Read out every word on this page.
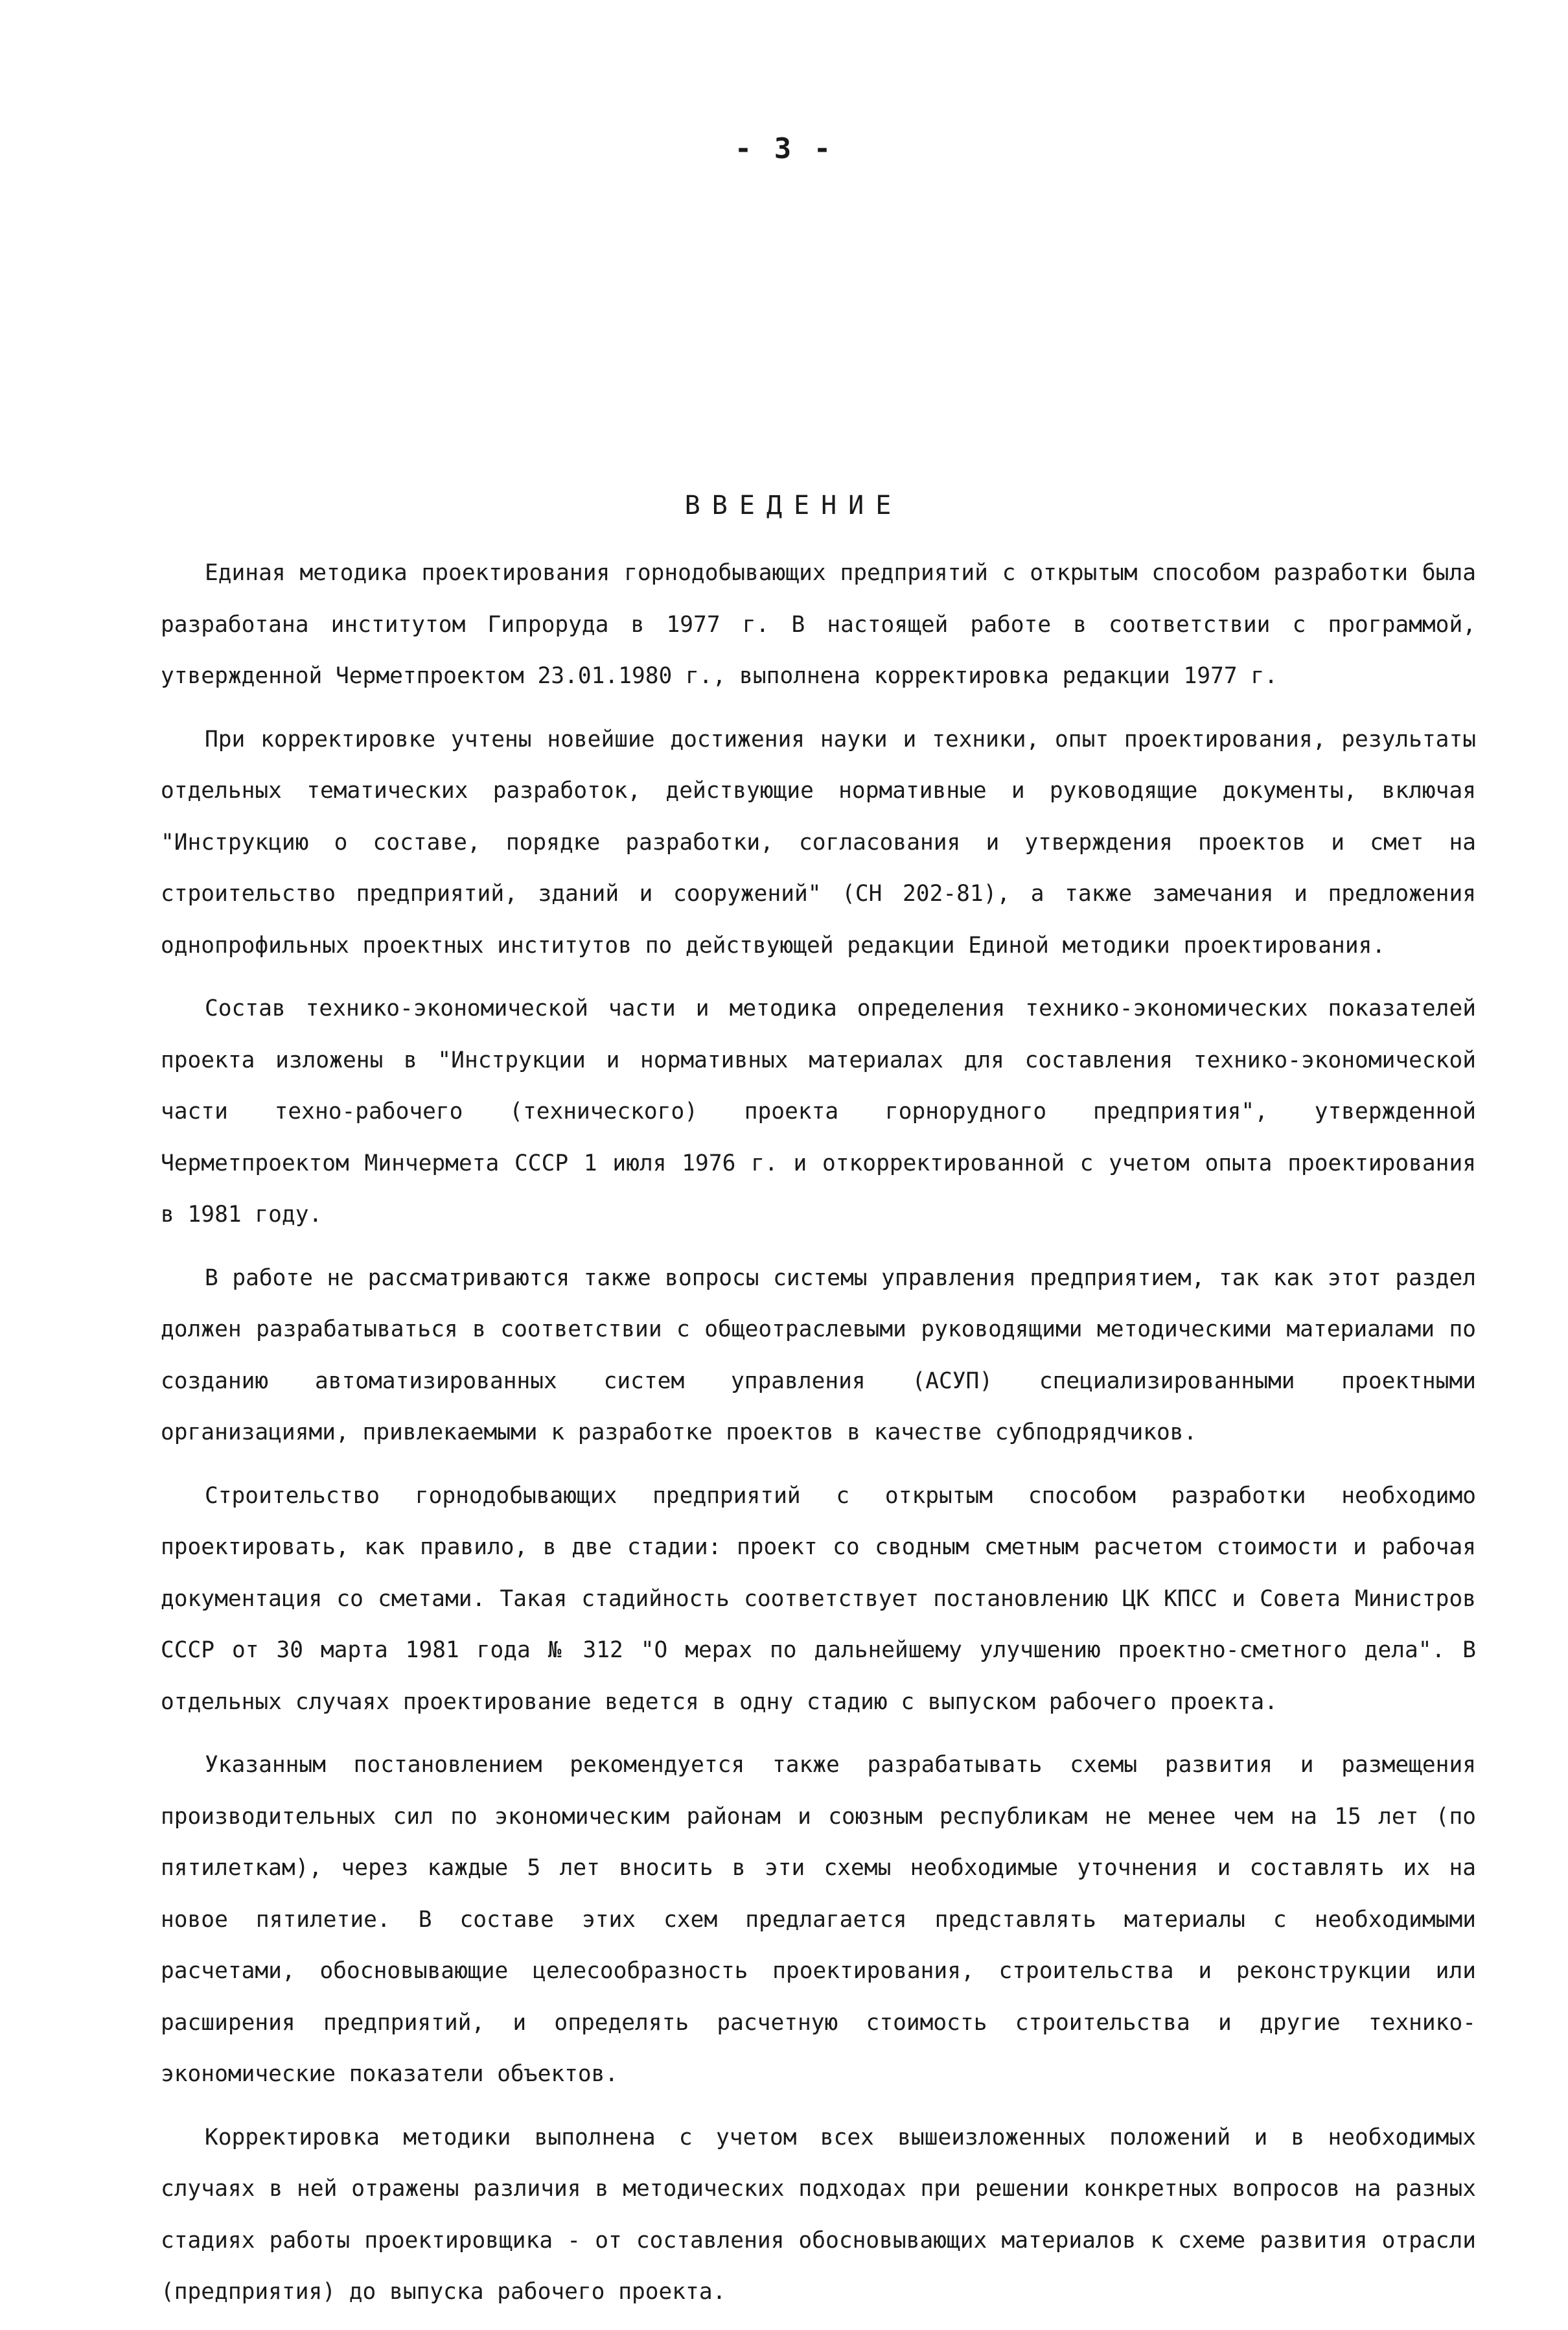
- 3 -
ВВЕДЕНИЕ

Единая методика проектирования горнодобывающих предприятий с открытым способом разработки была разработана институтом Гипроруда в 1977 г. В настоящей работе в соответствии с программой, утвержденной Черметпроектом 23.01.1980 г., выполнена корректировка редакции 1977 г.

При корректировке учтены новейшие достижения науки и техники, опыт проектирования, результаты отдельных тематических разработок, действующие нормативные и руководящие документы, включая "Инструкцию о составе, порядке разработки, согласования и утверждения проектов и смет на строительство предприятий, зданий и сооружений" (СН 202-81), а также замечания и предложения однопрофильных проектных институтов по действующей редакции Единой методики проектирования.

Состав технико-экономической части и методика определения технико-экономических показателей проекта изложены в "Инструкции и нормативных материалах для составления технико-экономической части техно-рабочего (технического) проекта горнорудного предприятия", утвержденной Черметпроектом Минчермета СССР 1 июля 1976 г. и откорректированной с учетом опыта проектирования в 1981 году.

В работе не рассматриваются также вопросы системы управления предприятием, так как этот раздел должен разрабатываться в соответствии с общеотраслевыми руководящими методическими материалами по созданию автоматизированных систем управления (АСУП) специализированными проектными организациями, привлекаемыми к разработке проектов в качестве субподрядчиков.

Строительство горнодобывающих предприятий с открытым способом разработки необходимо проектировать, как правило, в две стадии: проект со сводным сметным расчетом стоимости и рабочая документация со сметами. Такая стадийность соответствует постановлению ЦК КПСС и Совета Министров СССР от 30 марта 1981 года № 312 "О мерах по дальнейшему улучшению проектно-сметного дела". В отдельных случаях проектирование ведется в одну стадию с выпуском рабочего проекта.

Указанным постановлением рекомендуется также разрабатывать схемы развития и размещения производительных сил по экономическим районам и союзным республикам не менее чем на 15 лет (по пятилеткам), через каждые 5 лет вносить в эти схемы необходимые уточнения и составлять их на новое пятилетие. В составе этих схем предлагается представлять материалы с необходимыми расчетами, обосновывающие целесообразность проектирования, строительства и реконструкции или расширения предприятий, и определять расчетную стоимость строительства и другие технико-экономические показатели объектов.

Корректировка методики выполнена с учетом всех вышеизложенных положений и в необходимых случаях в ней отражены различия в методических подходах при решении конкретных вопросов на разных стадиях работы проектировщика - от составления обосновывающих материалов к схеме развития отрасли (предприятия) до выпуска рабочего проекта.
